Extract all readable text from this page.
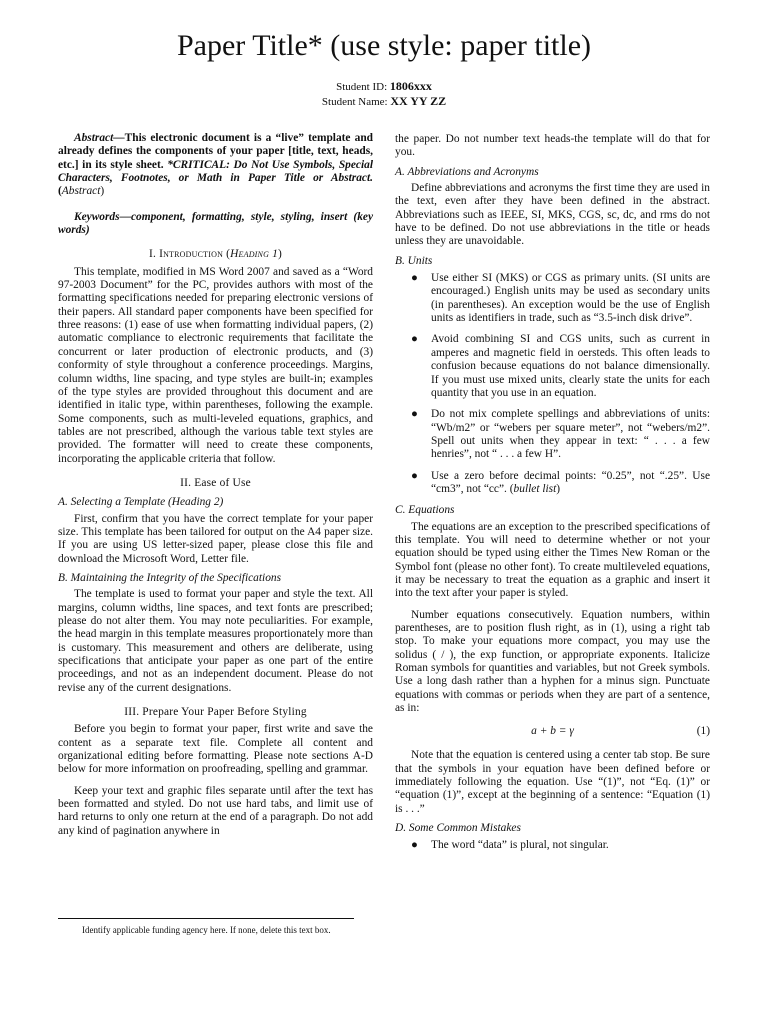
Paper Title* (use style: paper title)
Student ID: 1806xxx
Student Name: XX YY ZZ

Abstract—This electronic document is a “live” template and already defines the components of your paper [title, text, heads, etc.] in its style sheet. *CRITICAL: Do Not Use Symbols, Special Characters, Footnotes, or Math in Paper Title or Abstract. (Abstract)

Keywords—component, formatting, style, styling, insert (key words)

I. Introduction (Heading 1)

This template, modified in MS Word 2007 and saved as a “Word 97-2003 Document” for the PC, provides authors with most of the formatting specifications needed for preparing electronic versions of their papers. All standard paper components have been specified for three reasons: (1) ease of use when formatting individual papers, (2) automatic compliance to electronic requirements that facilitate the concurrent or later production of electronic products, and (3) conformity of style throughout a conference proceedings. Margins, column widths, line spacing, and type styles are built-in; examples of the type styles are provided throughout this document and are identified in italic type, within parentheses, following the example. Some components, such as multi-leveled equations, graphics, and tables are not prescribed, although the various table text styles are provided. The formatter will need to create these components, incorporating the applicable criteria that follow.

II. Ease of Use

A. Selecting a Template (Heading 2)

First, confirm that you have the correct template for your paper size. This template has been tailored for output on the A4 paper size. If you are using US letter-sized paper, please close this file and download the Microsoft Word, Letter file.

B. Maintaining the Integrity of the Specifications

The template is used to format your paper and style the text. All margins, column widths, line spaces, and text fonts are prescribed; please do not alter them. You may note peculiarities. For example, the head margin in this template measures proportionately more than is customary. This measurement and others are deliberate, using specifications that anticipate your paper as one part of the entire proceedings, and not as an independent document. Please do not revise any of the current designations.

III. Prepare Your Paper Before Styling

Before you begin to format your paper, first write and save the content as a separate text file. Complete all content and organizational editing before formatting. Please note sections A-D below for more information on proofreading, spelling and grammar.

Keep your text and graphic files separate until after the text has been formatted and styled. Do not use hard tabs, and limit use of hard returns to only one return at the end of a paragraph. Do not add any kind of pagination anywhere in

the paper. Do not number text heads-the template will do that for you.

A. Abbreviations and Acronyms

Define abbreviations and acronyms the first time they are used in the text, even after they have been defined in the abstract. Abbreviations such as IEEE, SI, MKS, CGS, sc, dc, and rms do not have to be defined. Do not use abbreviations in the title or heads unless they are unavoidable.

B. Units

● Use either SI (MKS) or CGS as primary units. (SI units are encouraged.) English units may be used as secondary units (in parentheses). An exception would be the use of English units as identifiers in trade, such as “3.5-inch disk drive”.
● Avoid combining SI and CGS units, such as current in amperes and magnetic field in oersteds. This often leads to confusion because equations do not balance dimensionally. If you must use mixed units, clearly state the units for each quantity that you use in an equation.
● Do not mix complete spellings and abbreviations of units: “Wb/m2” or “webers per square meter”, not “webers/m2”. Spell out units when they appear in text: “ . . . a few henries”, not “ . . . a few H”.
● Use a zero before decimal points: “0.25”, not “.25”. Use “cm3”, not “cc”. (bullet list)

C. Equations

The equations are an exception to the prescribed specifications of this template. You will need to determine whether or not your equation should be typed using either the Times New Roman or the Symbol font (please no other font). To create multileveled equations, it may be necessary to treat the equation as a graphic and insert it into the text after your paper is styled.

Number equations consecutively. Equation numbers, within parentheses, are to position flush right, as in (1), using a right tab stop. To make your equations more compact, you may use the solidus ( / ), the exp function, or appropriate exponents. Italicize Roman symbols for quantities and variables, but not Greek symbols. Use a long dash rather than a hyphen for a minus sign. Punctuate equations with commas or periods when they are part of a sentence, as in:

a + b = γ	(1)

Note that the equation is centered using a center tab stop. Be sure that the symbols in your equation have been defined before or immediately following the equation. Use “(1)”, not “Eq. (1)” or “equation (1)”, except at the beginning of a sentence: “Equation (1) is . . .”

D. Some Common Mistakes

● The word “data” is plural, not singular.
Identify applicable funding agency here. If none, delete this text box.
